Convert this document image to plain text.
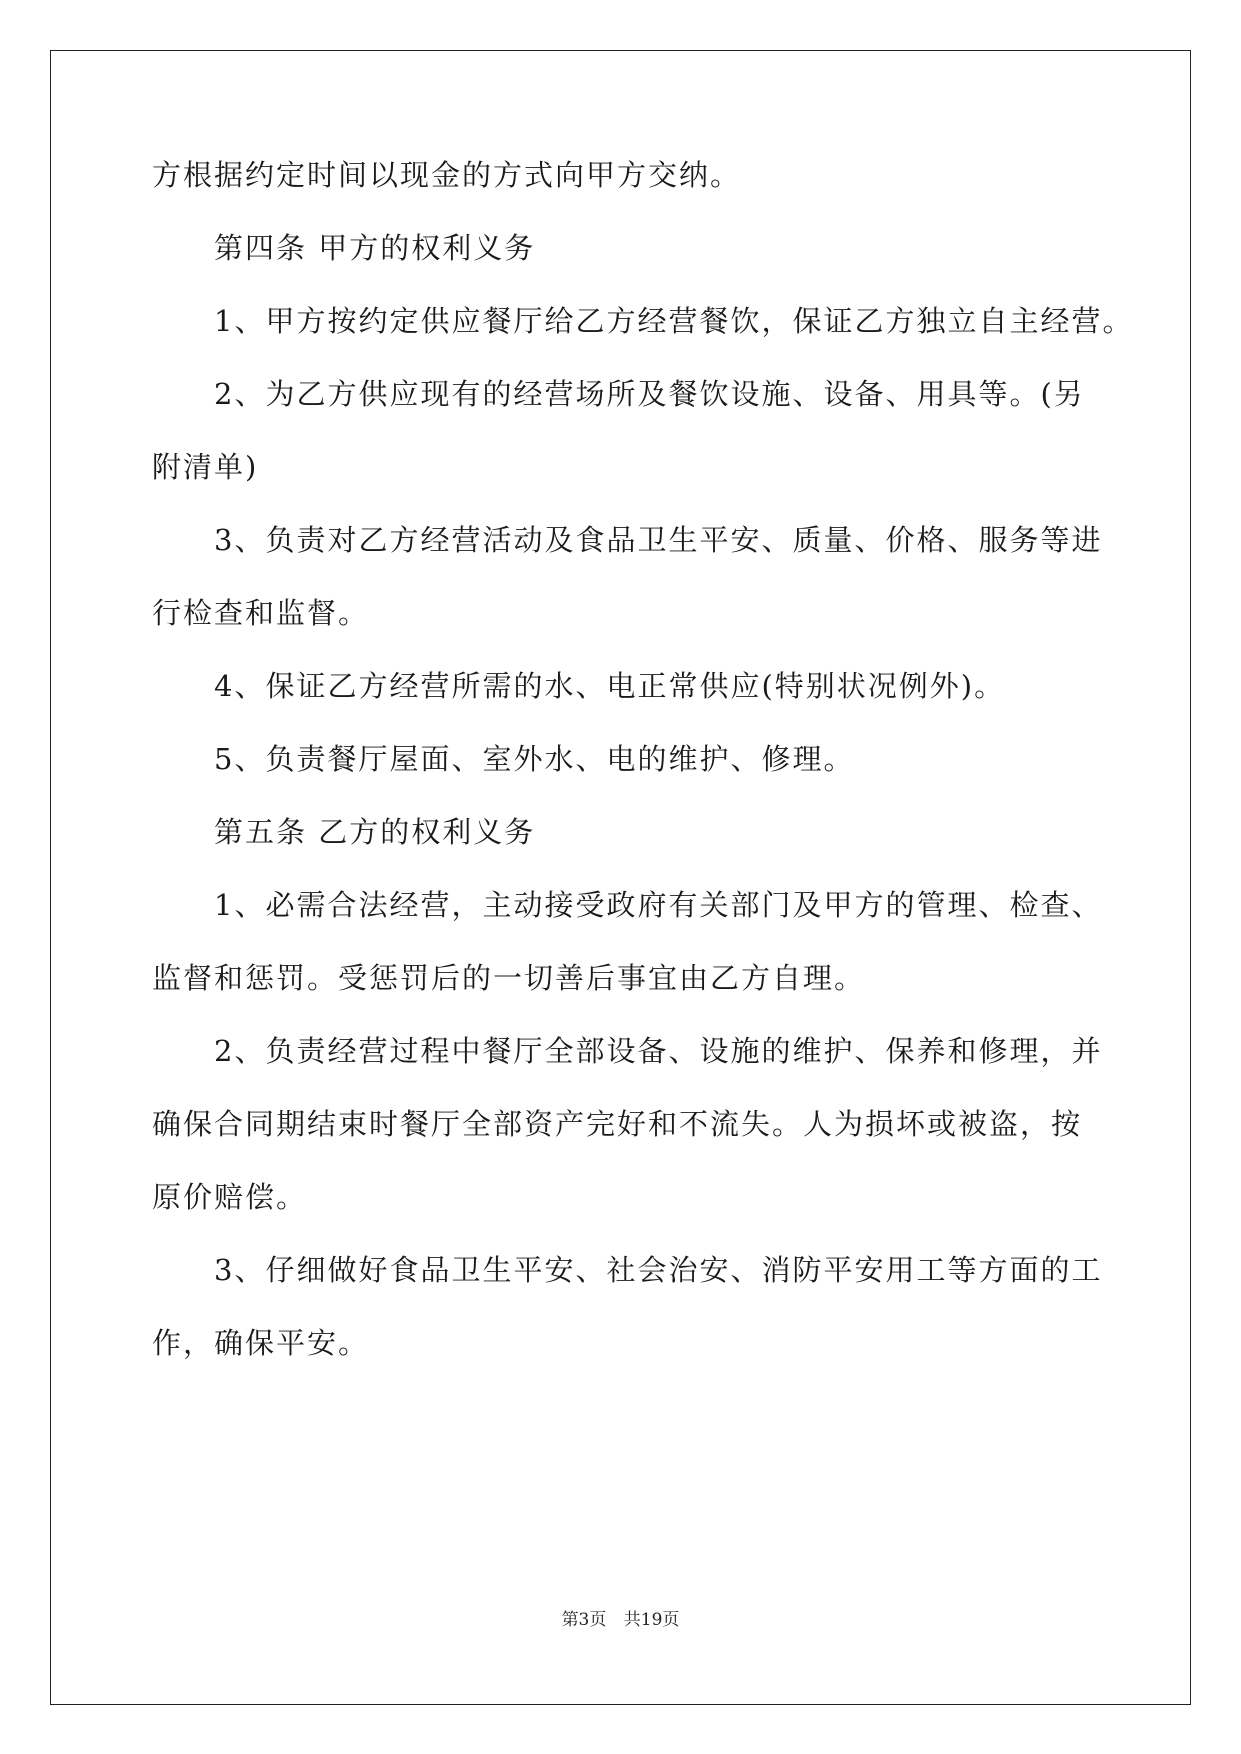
方根据约定时间以现金的方式向甲方交纳。
　　第四条 甲方的权利义务
　　1、甲方按约定供应餐厅给乙方经营餐饮，保证乙方独立自主经营。
　　2、为乙方供应现有的经营场所及餐饮设施、设备、用具等。(另
附清单)
　　3、负责对乙方经营活动及食品卫生平安、质量、价格、服务等进
行检查和监督。
　　4、保证乙方经营所需的水、电正常供应(特别状况例外)。
　　5、负责餐厅屋面、室外水、电的维护、修理。
　　第五条 乙方的权利义务
　　1、必需合法经营，主动接受政府有关部门及甲方的管理、检查、
监督和惩罚。受惩罚后的一切善后事宜由乙方自理。
　　2、负责经营过程中餐厅全部设备、设施的维护、保养和修理，并
确保合同期结束时餐厅全部资产完好和不流失。人为损坏或被盗，按
原价赔偿。
　　3、仔细做好食品卫生平安、社会治安、消防平安用工等方面的工
作，确保平安。
第3页 共19页
